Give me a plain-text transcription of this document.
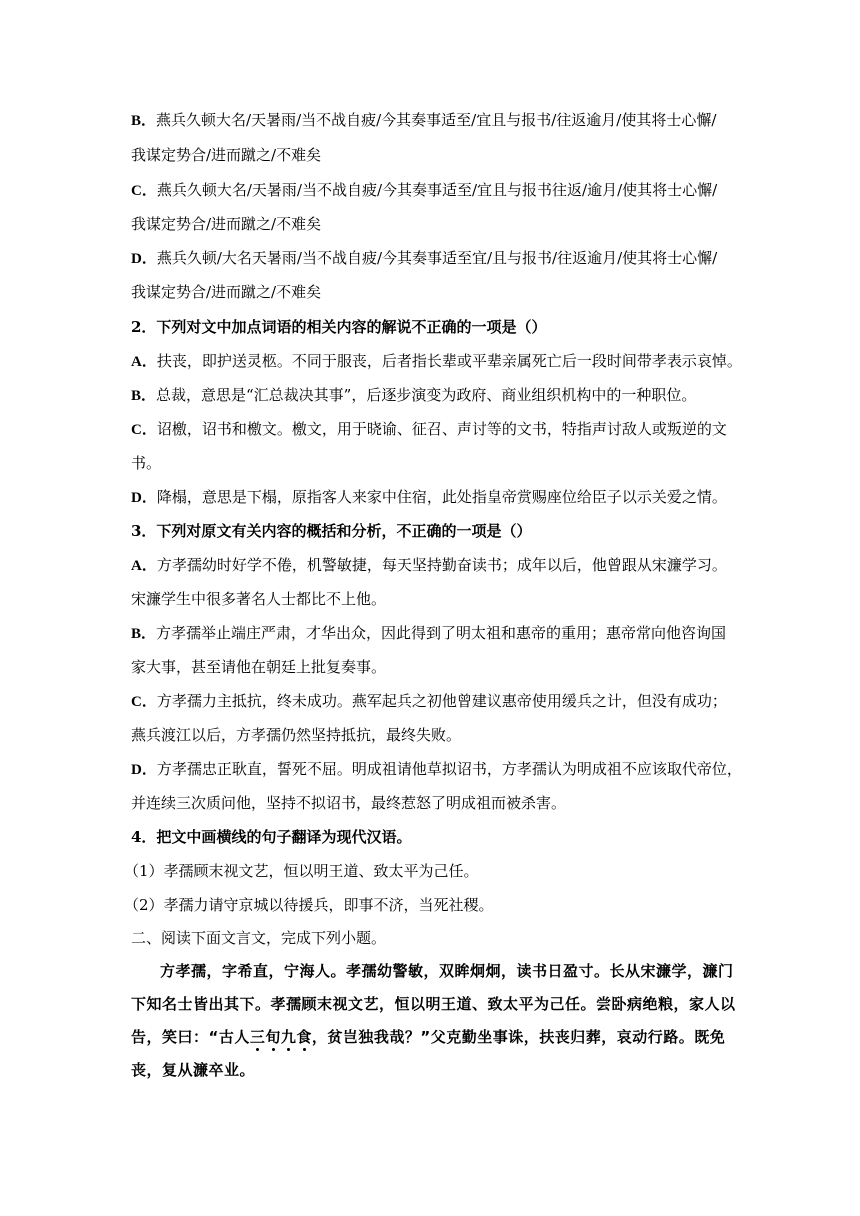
B．燕兵久顿大名/天暑雨/当不战自疲/今其奏事适至/宜且与报书/往返逾月/使其将士心懈/
我谋定势合/进而蹴之/不难矣
C．燕兵久顿大名/天暑雨/当不战自疲/今其奏事适至/宜且与报书往返/逾月/使其将士心懈/
我谋定势合/进而蹴之/不难矣
D．燕兵久顿/大名天暑雨/当不战自疲/今其奏事适至宜/且与报书/往返逾月/使其将士心懈/
我谋定势合/进而蹴之/不难矣
2．下列对文中加点词语的相关内容的解说不正确的一项是（）
A．扶丧，即护送灵柩。不同于服丧，后者指长辈或平辈亲属死亡后一段时间带孝表示哀悼。
B．总裁，意思是“汇总裁决其事”，后逐步演变为政府、商业组织机构中的一种职位。
C．诏檄，诏书和檄文。檄文，用于晓谕、征召、声讨等的文书，特指声讨敌人或叛逆的文
书。
D．降榻，意思是下榻，原指客人来家中住宿，此处指皇帝赏赐座位给臣子以示关爱之情。
3．下列对原文有关内容的概括和分析，不正确的一项是（）
A．方孝孺幼时好学不倦，机警敏捷，每天坚持勤奋读书；成年以后，他曾跟从宋濂学习。
宋濂学生中很多著名人士都比不上他。
B．方孝孺举止端庄严肃，才华出众，因此得到了明太祖和惠帝的重用；惠帝常向他咨询国
家大事，甚至请他在朝廷上批复奏事。
C．方孝孺力主抵抗，终未成功。燕军起兵之初他曾建议惠帝使用缓兵之计，但没有成功；
燕兵渡江以后，方孝孺仍然坚持抵抗，最终失败。
D．方孝孺忠正耿直，誓死不屈。明成祖请他草拟诏书，方孝孺认为明成祖不应该取代帝位，
并连续三次质问他，坚持不拟诏书，最终惹怒了明成祖而被杀害。
4．把文中画横线的句子翻译为现代汉语。
（1）孝孺顾末视文艺，恒以明王道、致太平为己任。
（2）孝孺力请守京城以待援兵，即事不济，当死社稷。
二、阅读下面文言文，完成下列小题。
方孝孺，字希直，宁海人。孝孺幼警敏，双眸炯炯，读书日盈寸。长从宋濂学，濂门
下知名士皆出其下。孝孺顾末视文艺，恒以明王道、致太平为己任。尝卧病绝粮，家人以
告，笑曰：“古人三旬九食，贫岂独我哉？”父克勤坐事诛，扶丧归葬，哀动行路。既免
丧，复从濂卒业。
